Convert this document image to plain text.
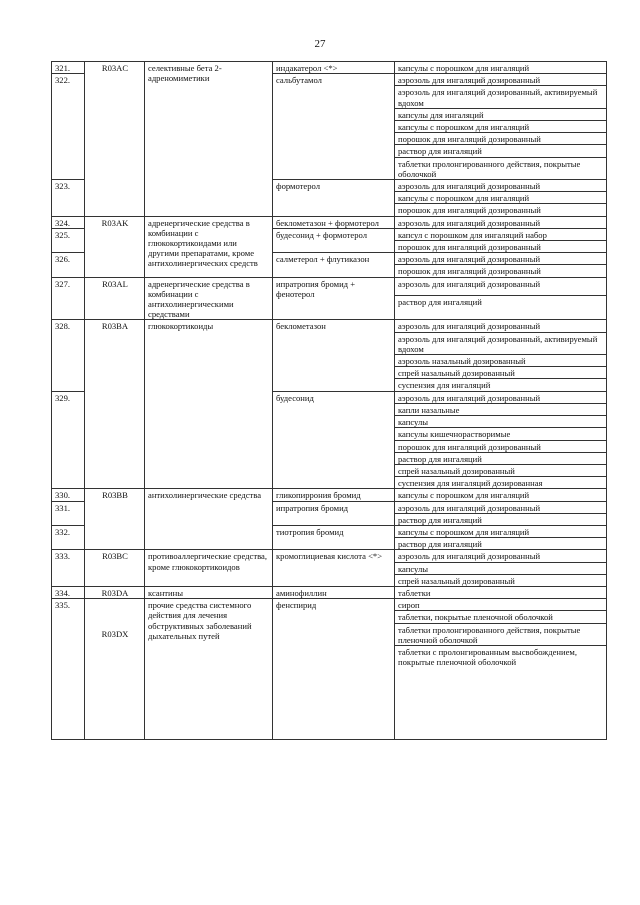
27
321.	R03AC	селективные бета 2-адреномиметики	индакатерол <*>	капсулы с порошком для ингаляций
322.			сальбутамол	аэрозоль для ингаляций дозированный
				аэрозоль для ингаляций дозированный, активируемый вдохом
				капсулы для ингаляций
				капсулы с порошком для ингаляций
				порошок для ингаляций дозированный
				раствор для ингаляций
				таблетки пролонгированного действия, покрытые оболочкой
323.			формотерол	аэрозоль для ингаляций дозированный
				капсулы с порошком для ингаляций
				порошок для ингаляций дозированный
324.	R03AK	адренергические средства в комбинации с глюкокортикоидами или другими препаратами, кроме антихолинергических средств	беклометазон + формотерол	аэрозоль для ингаляций дозированный
325.			будесонид + формотерол	капсул с порошком для ингаляций набор
				порошок для ингаляций дозированный
326.			салметерол + флутиказон	аэрозоль для ингаляций дозированный
				порошок для ингаляций дозированный
327.	R03AL	адренергические средства в комбинации с антихолинергическими средствами	ипратропия бромид + фенотерол	аэрозоль для ингаляций дозированный
				раствор для ингаляций
328.	R03BA	глюкокортикоиды	беклометазон	аэрозоль для ингаляций дозированный
				аэрозоль для ингаляций дозированный, активируемый вдохом
				аэрозоль назальный дозированный
				спрей назальный дозированный
				суспензия для ингаляций
329.			будесонид	аэрозоль для ингаляций дозированный
				капли назальные
				капсулы
				капсулы кишечнорастворимые
				порошок для ингаляций дозированный
				раствор для ингаляций
				спрей назальный дозированный
				суспензия для ингаляций дозированная
330.	R03BB	антихолинергические средства	гликопиррония бромид	капсулы с порошком для ингаляций
331.			ипратропия бромид	аэрозоль для ингаляций дозированный
				раствор для ингаляций
332.			тиотропия бромид	капсулы с порошком для ингаляций
				раствор для ингаляций
333.	R03BC	противоаллергические средства, кроме глюкокортикоидов	кромоглициевая кислота <*>	аэрозоль для ингаляций дозированный
				капсулы
				спрей назальный дозированный
334.	R03DA	ксантины	аминофиллин	таблетки
335.	R03DX	прочие средства системного действия для лечения обструктивных заболеваний дыхательных путей	фенспирид	сироп
				таблетки, покрытые пленочной оболочкой
				таблетки пролонгированного действия, покрытые пленочной оболочкой
				таблетки с пролонгированным высвобождением, покрытые пленочной оболочкой
